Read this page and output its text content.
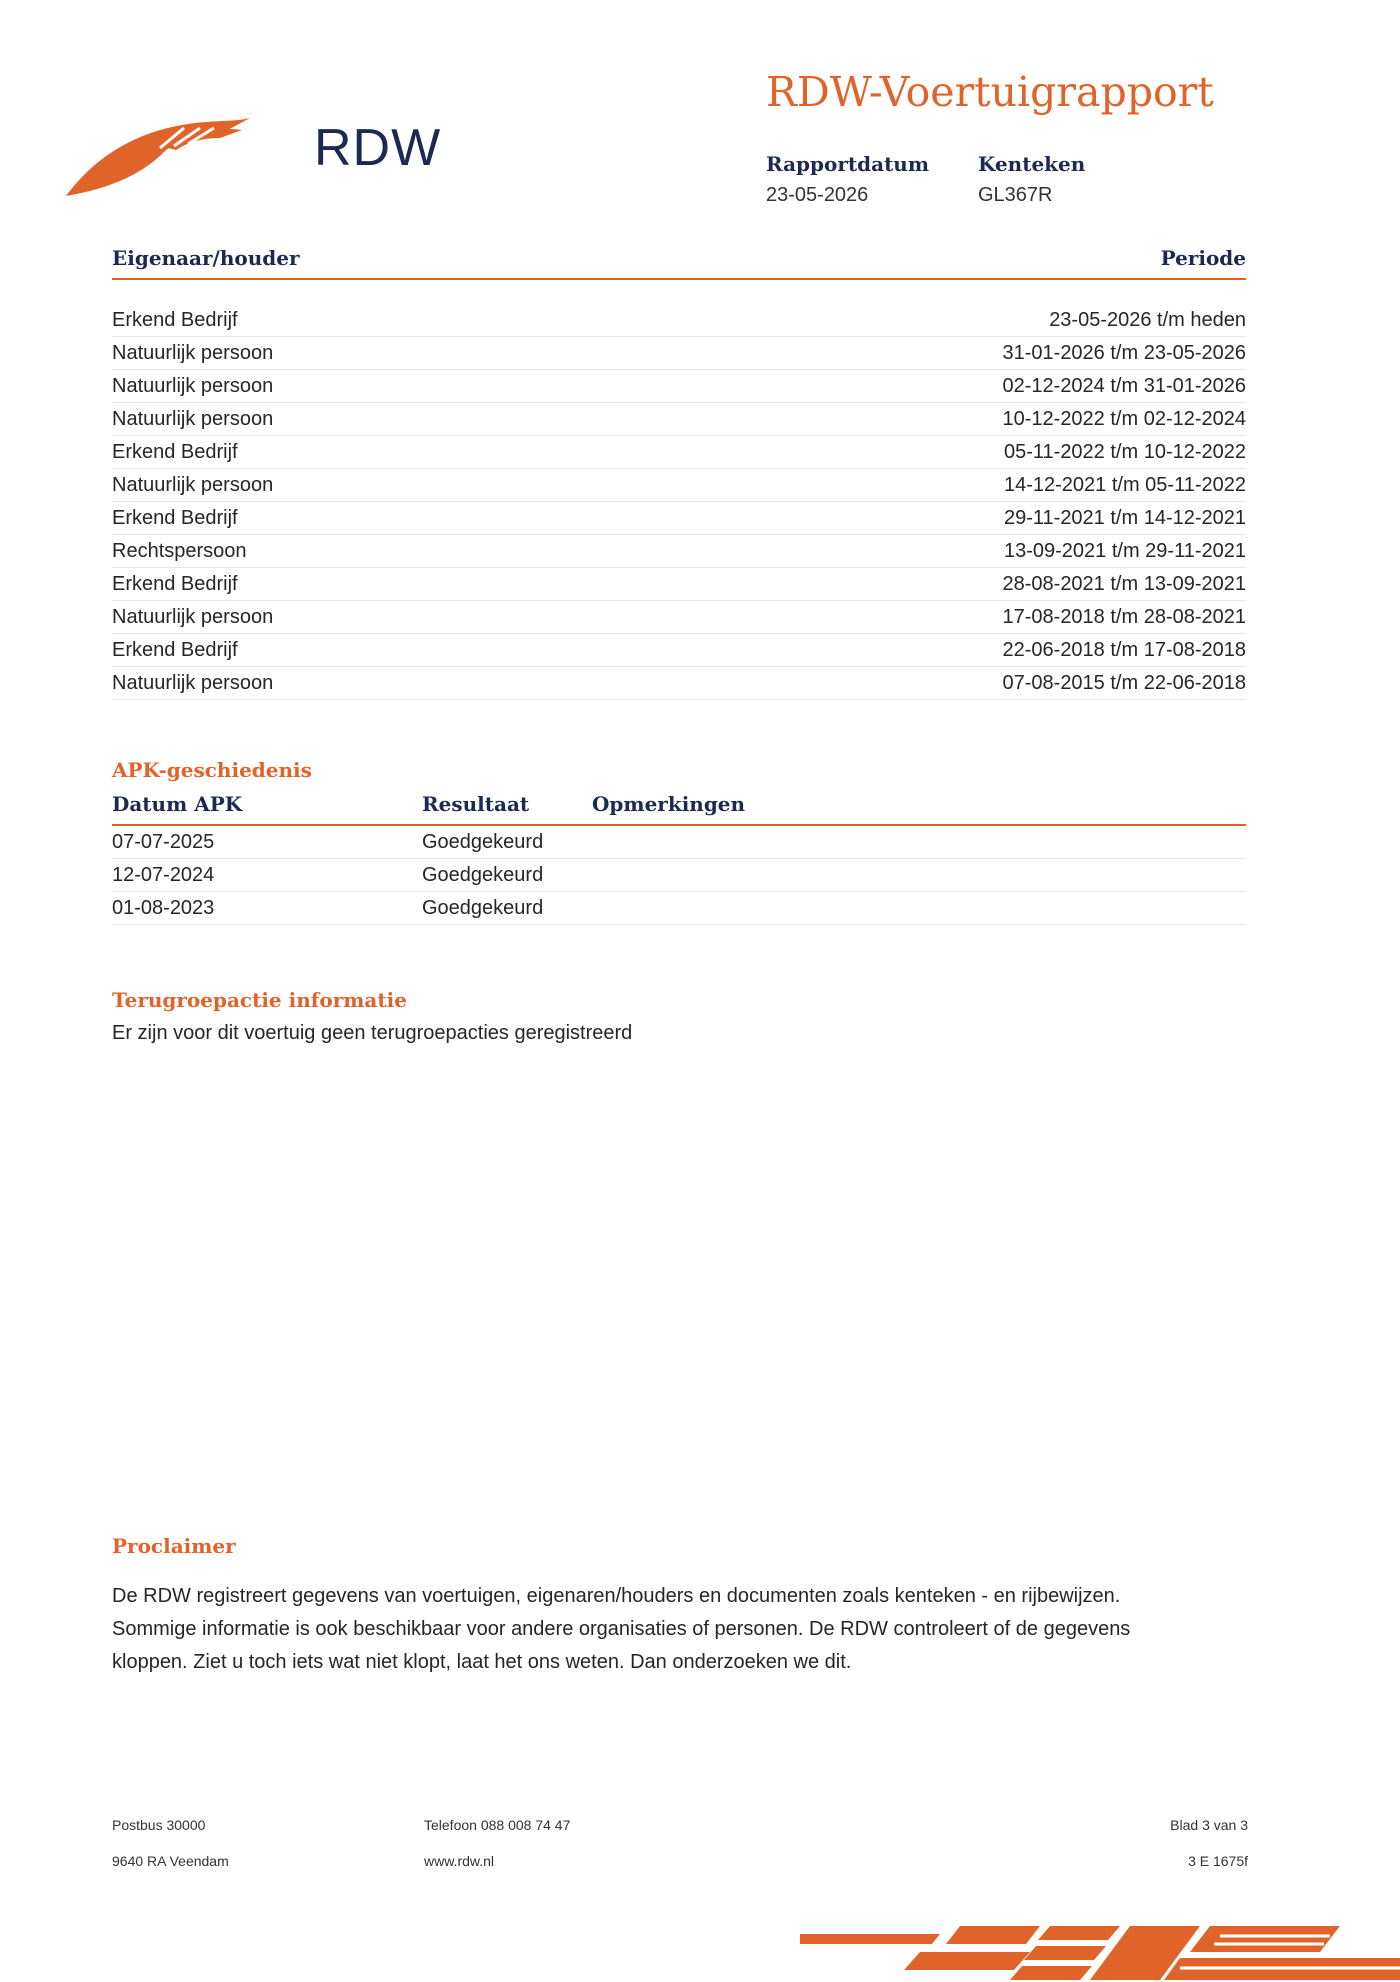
RDW
RDW-Voertuigrapport
Rapportdatum
23-05-2026
Kenteken
GL367R
Eigenaar/houder	Periode
Erkend Bedrijf	23-05-2026 t/m heden
Natuurlijk persoon	31-01-2026 t/m 23-05-2026
Natuurlijk persoon	02-12-2024 t/m 31-01-2026
Natuurlijk persoon	10-12-2022 t/m 02-12-2024
Erkend Bedrijf	05-11-2022 t/m 10-12-2022
Natuurlijk persoon	14-12-2021 t/m 05-11-2022
Erkend Bedrijf	29-11-2021 t/m 14-12-2021
Rechtspersoon	13-09-2021 t/m 29-11-2021
Erkend Bedrijf	28-08-2021 t/m 13-09-2021
Natuurlijk persoon	17-08-2018 t/m 28-08-2021
Erkend Bedrijf	22-06-2018 t/m 17-08-2018
Natuurlijk persoon	07-08-2015 t/m 22-06-2018
APK-geschiedenis
Datum APK	Resultaat	Opmerkingen
07-07-2025	Goedgekeurd
12-07-2024	Goedgekeurd
01-08-2023	Goedgekeurd
Terugroepactie informatie
Er zijn voor dit voertuig geen terugroepacties geregistreerd
Proclaimer
De RDW registreert gegevens van voertuigen, eigenaren/houders en documenten zoals kenteken - en rijbewijzen.
Sommige informatie is ook beschikbaar voor andere organisaties of personen. De RDW controleert of de gegevens
kloppen. Ziet u toch iets wat niet klopt, laat het ons weten. Dan onderzoeken we dit.
Postbus 30000
9640 RA Veendam
Telefoon 088 008 74 47
www.rdw.nl
Blad 3 van 3
3 E 1675f
